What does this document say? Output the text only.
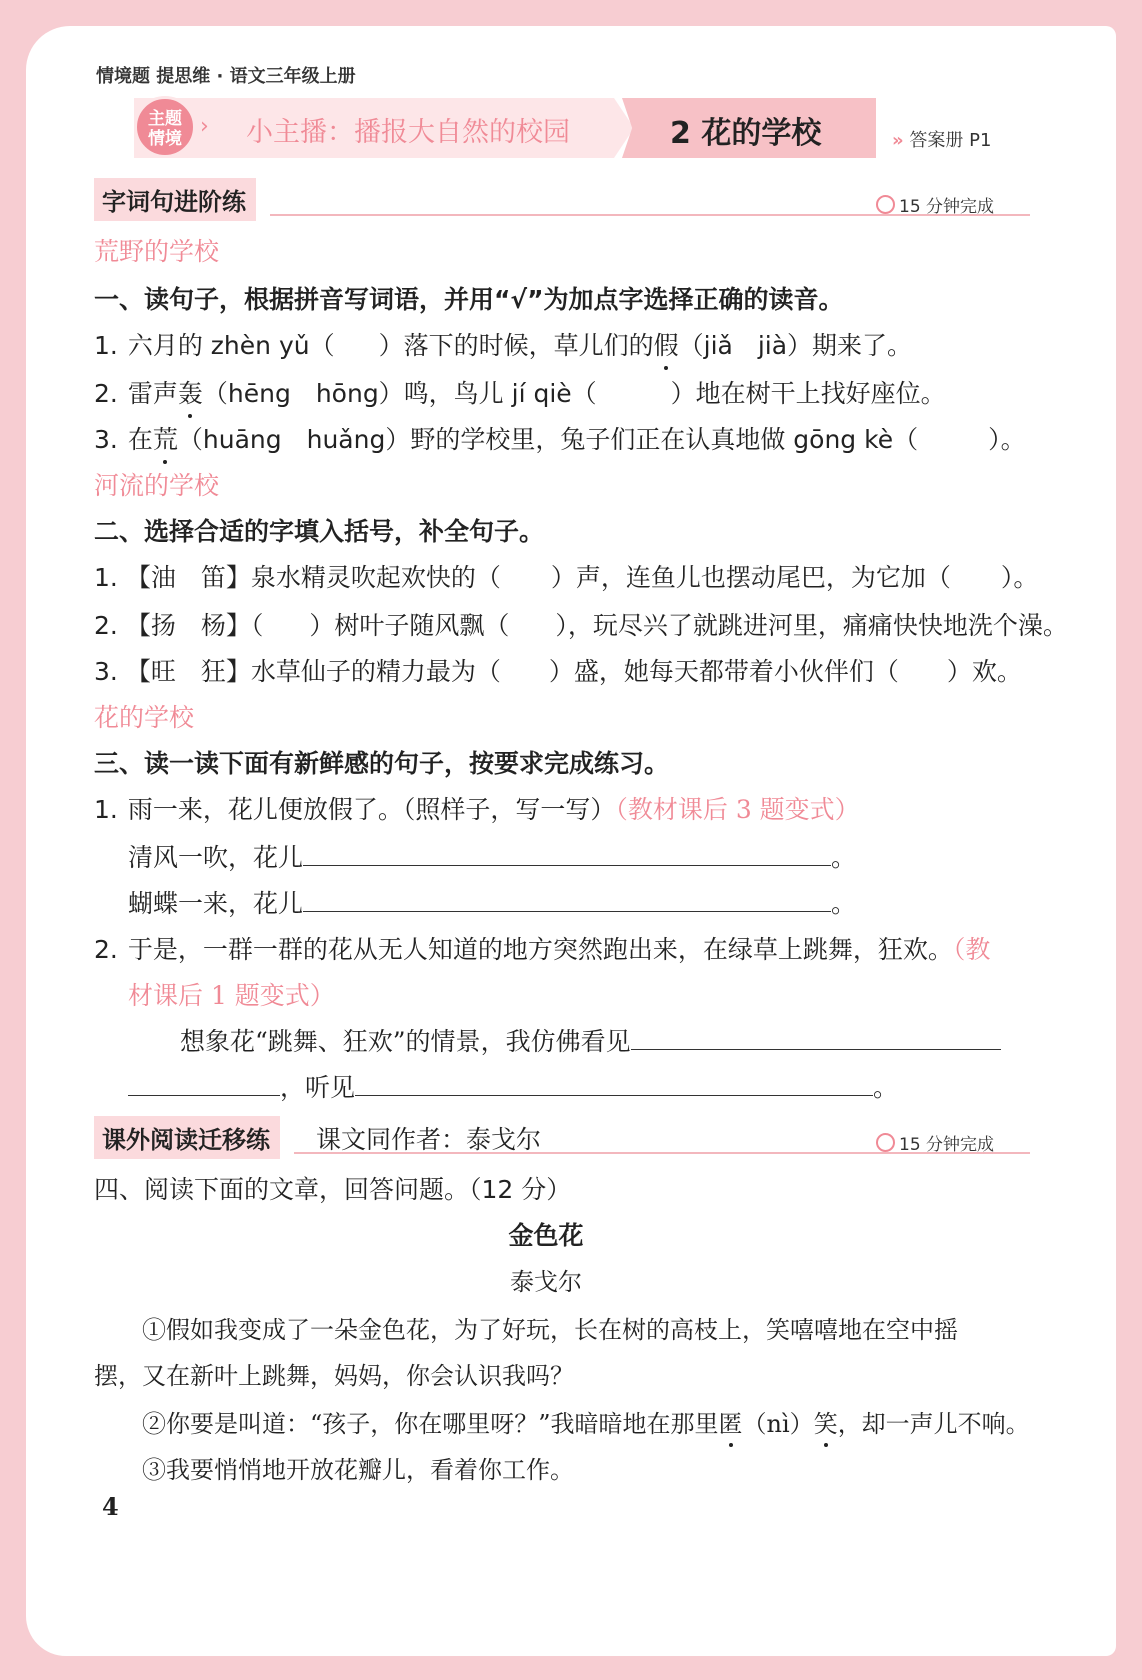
情境题 提思维 · 语文三年级上册
主题
情境 › 小主播：播报大自然的校园	2 花的学校	» 答案册 P1
字词句进阶练	15 分钟完成
荒野的学校
一、读句子，根据拼音写词语，并用“√”为加点字选择正确的读音。
1. 六月的 zhèn yǔ（ ）落下的时候，草儿们的假（jiǎ　jià）期来了。
2. 雷声轰（hēng　hōng）鸣，鸟儿 jí qiè（	）地在树干上找好座位。
3. 在荒（huāng　huǎng）野的学校里，兔子们正在认真地做 gōng kè（	）。
河流的学校
二、选择合适的字填入括号，补全句子。
1. 【油　笛】泉水精灵吹起欢快的（ ）声，连鱼儿也摆动尾巴，为它加（ ）。
2. 【扬　杨】（ ）树叶子随风飘（ ），玩尽兴了就跳进河里，痛痛快快地洗个澡。
3. 【旺　狂】水草仙子的精力最为（ ）盛，她每天都带着小伙伴们（ ）欢。
花的学校
三、读一读下面有新鲜感的句子，按要求完成练习。
1. 雨一来，花儿便放假了。（照样子，写一写）（教材课后 3 题变式）
清风一吹，花儿	。
蝴蝶一来，花儿	。
2. 于是，一群一群的花从无人知道的地方突然跑出来，在绿草上跳舞，狂欢。（教
材课后 1 题变式）
想象花“跳舞、狂欢”的情景，我仿佛看见
，听见	。
课外阅读迁移练	课文同作者：泰戈尔	15 分钟完成
四、阅读下面的文章，回答问题。（12 分）
金色花
泰戈尔
①假如我变成了一朵金色花，为了好玩，长在树的高枝上，笑嘻嘻地在空中摇
摆，又在新叶上跳舞，妈妈，你会认识我吗？
②你要是叫道：“孩子，你在哪里呀？”我暗暗地在那里匿（nì）笑，却一声儿不响。
③我要悄悄地开放花瓣儿，看着你工作。
4
